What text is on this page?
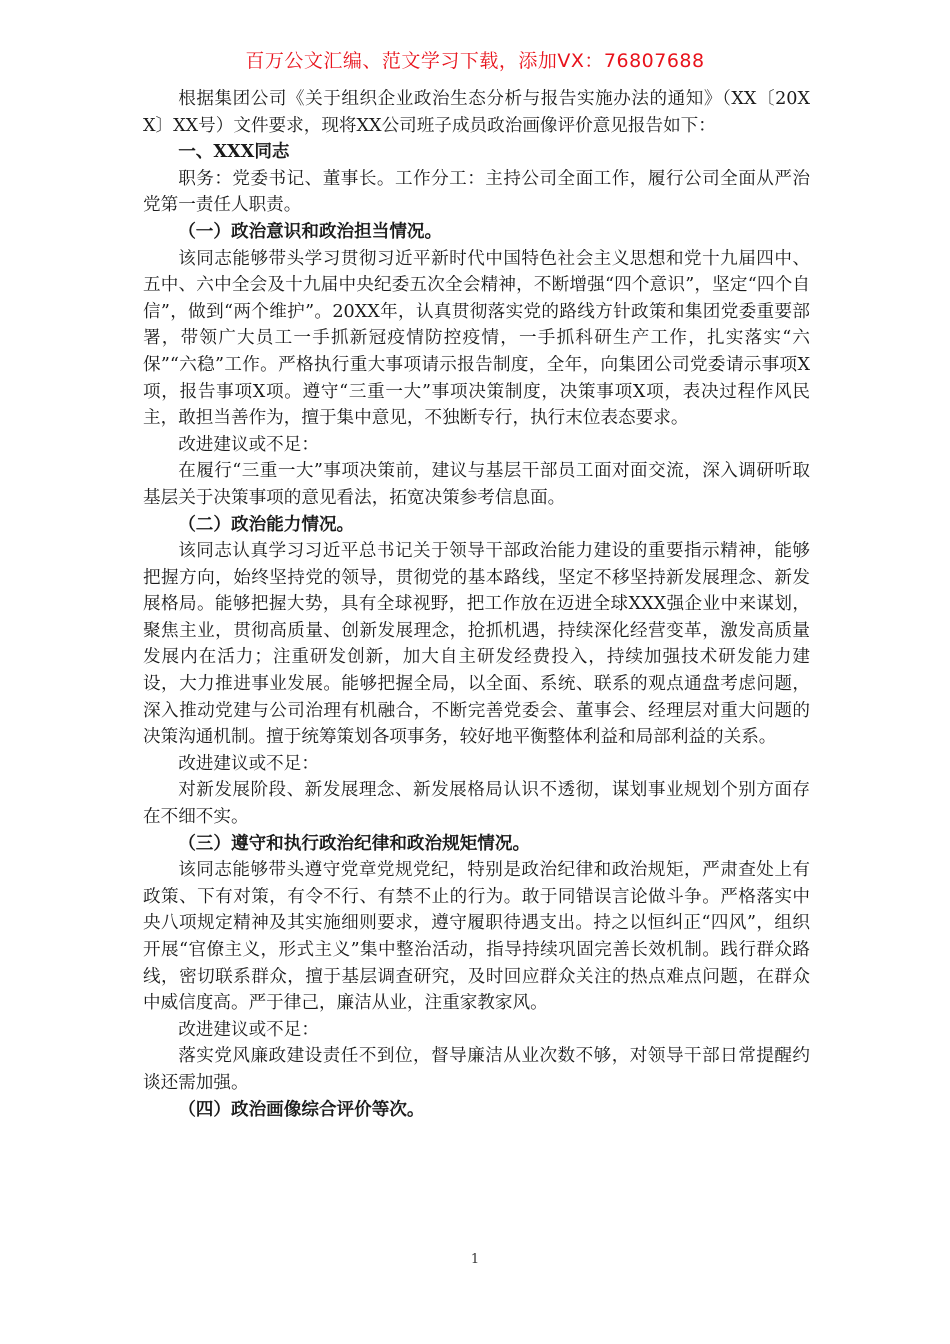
百万公文汇编、范文学习下载，添加VX：76807688

根据集团公司《关于组织企业政治生态分析与报告实施办法的通知》（XX〔20XX〕XX号）文件要求，现将XX公司班子成员政治画像评价意见报告如下：

一、XXX同志

职务：党委书记、董事长。工作分工：主持公司全面工作，履行公司全面从严治党第一责任人职责。

（一）政治意识和政治担当情况。

该同志能够带头学习贯彻习近平新时代中国特色社会主义思想和党十九届四中、五中、六中全会及十九届中央纪委五次全会精神，不断增强“四个意识”，坚定“四个自信”，做到“两个维护”。20XX年，认真贯彻落实党的路线方针政策和集团党委重要部署，带领广大员工一手抓新冠疫情防控疫情，一手抓科研生产工作，扎实落实“六保”“六稳”工作。严格执行重大事项请示报告制度，全年，向集团公司党委请示事项X项，报告事项X项。遵守“三重一大”事项决策制度，决策事项X项，表决过程作风民主，敢担当善作为，擅于集中意见，不独断专行，执行末位表态要求。

改进建议或不足：

在履行“三重一大”事项决策前，建议与基层干部员工面对面交流，深入调研听取基层关于决策事项的意见看法，拓宽决策参考信息面。

（二）政治能力情况。

该同志认真学习习近平总书记关于领导干部政治能力建设的重要指示精神，能够把握方向，始终坚持党的领导，贯彻党的基本路线，坚定不移坚持新发展理念、新发展格局。能够把握大势，具有全球视野，把工作放在迈进全球XXX强企业中来谋划，聚焦主业，贯彻高质量、创新发展理念，抢抓机遇，持续深化经营变革，激发高质量发展内在活力；注重研发创新，加大自主研发经费投入，持续加强技术研发能力建设，大力推进事业发展。能够把握全局，以全面、系统、联系的观点通盘考虑问题，深入推动党建与公司治理有机融合，不断完善党委会、董事会、经理层对重大问题的决策沟通机制。擅于统筹策划各项事务，较好地平衡整体利益和局部利益的关系。

改进建议或不足：

对新发展阶段、新发展理念、新发展格局认识不透彻，谋划事业规划个别方面存在不细不实。

（三）遵守和执行政治纪律和政治规矩情况。

该同志能够带头遵守党章党规党纪，特别是政治纪律和政治规矩，严肃查处上有政策、下有对策，有令不行、有禁不止的行为。敢于同错误言论做斗争。严格落实中央八项规定精神及其实施细则要求，遵守履职待遇支出。持之以恒纠正“四风”，组织开展“官僚主义，形式主义”集中整治活动，指导持续巩固完善长效机制。践行群众路线，密切联系群众，擅于基层调查研究，及时回应群众关注的热点难点问题，在群众中威信度高。严于律己，廉洁从业，注重家教家风。

改进建议或不足：

落实党风廉政建设责任不到位，督导廉洁从业次数不够，对领导干部日常提醒约谈还需加强。

（四）政治画像综合评价等次。

1
